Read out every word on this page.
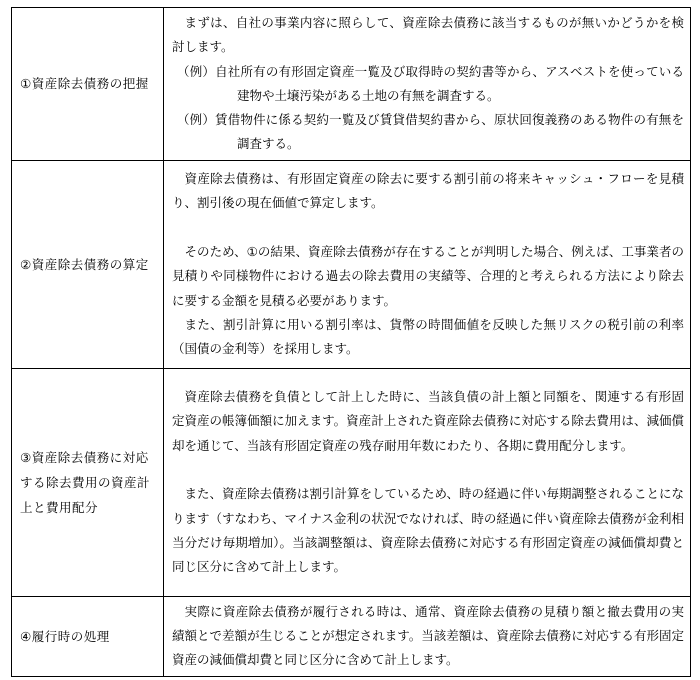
①資産除去債務の把握	まずは、自社の事業内容に照らして、資産除去債務に該当するものが無いかどうかを検討します。
（例）自社所有の有形固定資産一覧及び取得時の契約書等から、アスベストを使っている建物や土壌汚染がある土地の有無を調査する。
（例）賃借物件に係る契約一覧及び賃貸借契約書から、原状回復義務のある物件の有無を調査する。

②資産除去債務の算定	資産除去債務は、有形固定資産の除去に要する割引前の将来キャッシュ・フローを見積り、割引後の現在価値で算定します。
そのため、①の結果、資産除去債務が存在することが判明した場合、例えば、工事業者の見積りや同様物件における過去の除去費用の実績等、合理的と考えられる方法により除去に要する金額を見積る必要があります。
また、割引計算に用いる割引率は、貨幣の時間価値を反映した無リスクの税引前の利率（国債の金利等）を採用します。

③資産除去債務に対応する除去費用の資産計上と費用配分	資産除去債務を負債として計上した時に、当該負債の計上額と同額を、関連する有形固定資産の帳簿価額に加えます。資産計上された資産除去債務に対応する除去費用は、減価償却を通じて、当該有形固定資産の残存耐用年数にわたり、各期に費用配分します。
また、資産除去債務は割引計算をしているため、時の経過に伴い毎期調整されることになります（すなわち、マイナス金利の状況でなければ、時の経過に伴い資産除去債務が金利相当分だけ毎期増加）。当該調整額は、資産除去債務に対応する有形固定資産の減価償却費と同じ区分に含めて計上します。

④履行時の処理	実際に資産除去債務が履行される時は、通常、資産除去債務の見積り額と撤去費用の実績額とで差額が生じることが想定されます。当該差額は、資産除去債務に対応する有形固定資産の減価償却費と同じ区分に含めて計上します。
